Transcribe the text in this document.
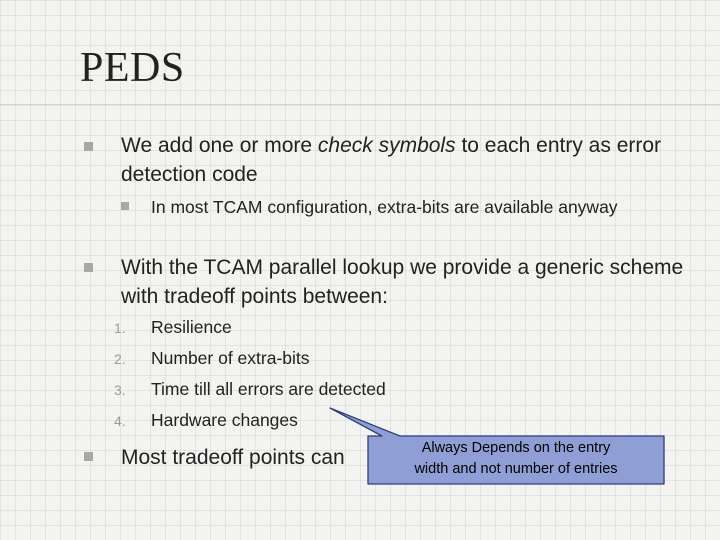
PEDS
We add one or more check symbols to each entry as error detection code
In most TCAM configuration, extra-bits are available anyway
With the TCAM parallel lookup we provide a generic scheme with tradeoff points between:
1.	Resilience
2.	Number of extra-bits
3.	Time till all errors are detected
4.	Hardware changes
Most tradeoff points can	Always Depends on the entry
width and not number of entries
